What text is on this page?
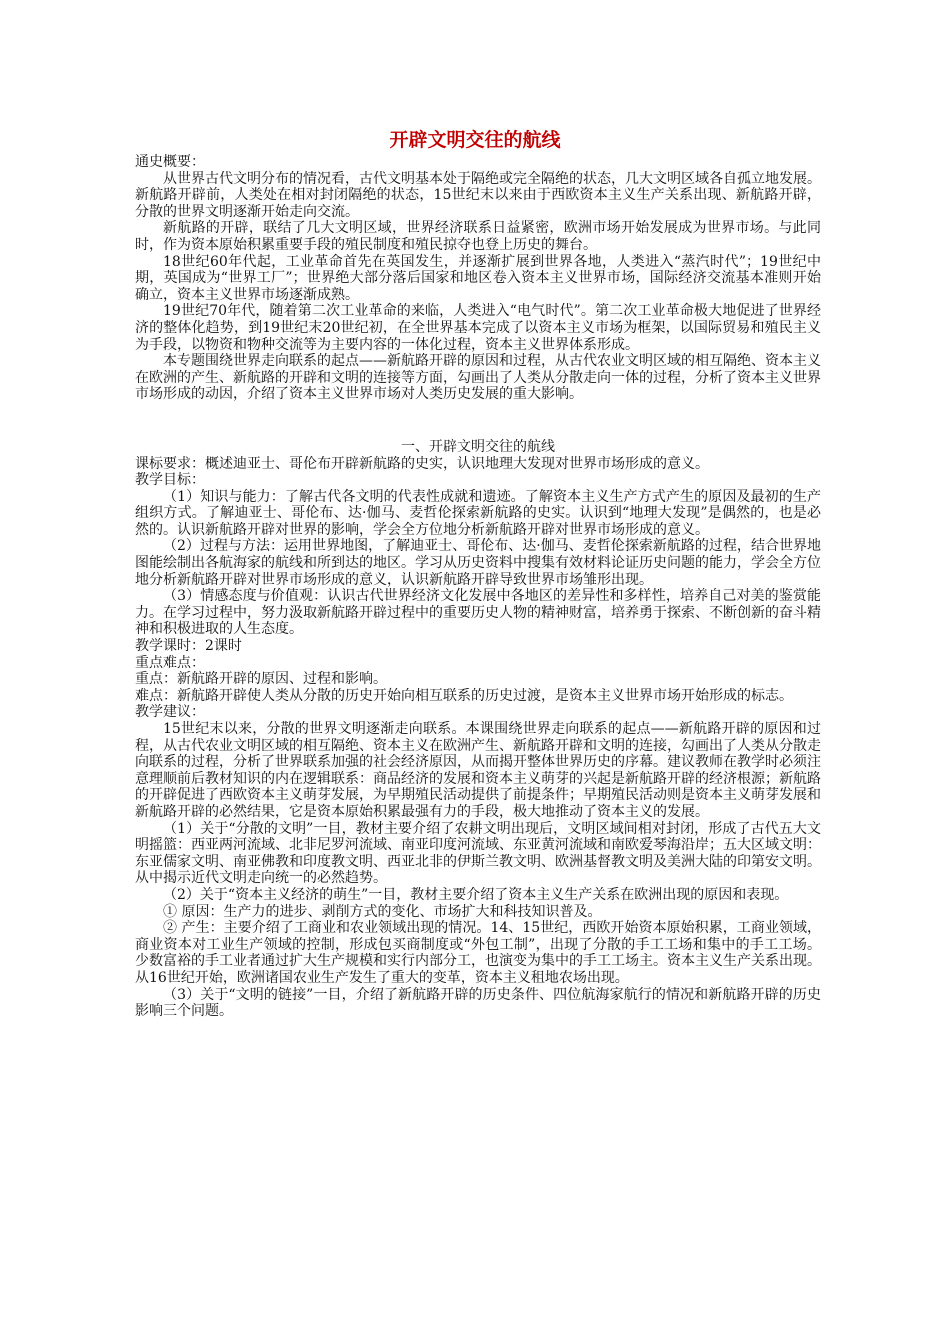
开辟文明交往的航线

通史概要：

从世界古代文明分布的情况看，古代文明基本处于隔绝或完全隔绝的状态，几大文明区域各自孤立地发展。新航路开辟前，人类处在相对封闭隔绝的状态，15世纪末以来由于西欧资本主义生产关系出现、新航路开辟，分散的世界文明逐渐开始走向交流。

新航路的开辟，联结了几大文明区域，世界经济联系日益紧密，欧洲市场开始发展成为世界市场。与此同时，作为资本原始积累重要手段的殖民制度和殖民掠夺也登上历史的舞台。

18世纪60年代起，工业革命首先在英国发生，并逐渐扩展到世界各地，人类进入“蒸汽时代”；19世纪中期，英国成为“世界工厂”；世界绝大部分落后国家和地区卷入资本主义世界市场，国际经济交流基本准则开始确立，资本主义世界市场逐渐成熟。

19世纪70年代，随着第二次工业革命的来临，人类进入“电气时代”。第二次工业革命极大地促进了世界经济的整体化趋势，到19世纪末20世纪初，在全世界基本完成了以资本主义市场为框架，以国际贸易和殖民主义为手段，以物资和物种交流等为主要内容的一体化过程，资本主义世界体系形成。

本专题围绕世界走向联系的起点——新航路开辟的原因和过程，从古代农业文明区域的相互隔绝、资本主义在欧洲的产生、新航路的开辟和文明的连接等方面，勾画出了人类从分散走向一体的过程，分析了资本主义世界市场形成的动因，介绍了资本主义世界市场对人类历史发展的重大影响。

一、开辟文明交往的航线

课标要求：概述迪亚士、哥伦布开辟新航路的史实，认识地理大发现对世界市场形成的意义。

教学目标：

（1）知识与能力：了解古代各文明的代表性成就和遗迹。了解资本主义生产方式产生的原因及最初的生产组织方式。了解迪亚士、哥伦布、达·伽马、麦哲伦探索新航路的史实。认识到“地理大发现”是偶然的，也是必然的。认识新航路开辟对世界的影响，学会全方位地分析新航路开辟对世界市场形成的意义。

（2）过程与方法：运用世界地图，了解迪亚士、哥伦布、达·伽马、麦哲伦探索新航路的过程，结合世界地图能绘制出各航海家的航线和所到达的地区。学习从历史资料中搜集有效材料论证历史问题的能力，学会全方位地分析新航路开辟对世界市场形成的意义，认识新航路开辟导致世界市场雏形出现。

（3）情感态度与价值观：认识古代世界经济文化发展中各地区的差异性和多样性，培养自己对美的鉴赏能力。在学习过程中，努力汲取新航路开辟过程中的重要历史人物的精神财富，培养勇于探索、不断创新的奋斗精神和积极进取的人生态度。

教学课时：2课时

重点难点：

重点：新航路开辟的原因、过程和影响。

难点：新航路开辟使人类从分散的历史开始向相互联系的历史过渡，是资本主义世界市场开始形成的标志。

教学建议：

15世纪末以来，分散的世界文明逐渐走向联系。本课围绕世界走向联系的起点——新航路开辟的原因和过程，从古代农业文明区域的相互隔绝、资本主义在欧洲产生、新航路开辟和文明的连接，勾画出了人类从分散走向联系的过程，分析了世界联系加强的社会经济原因，从而揭开整体世界历史的序幕。建议教师在教学时必须注意理顺前后教材知识的内在逻辑联系：商品经济的发展和资本主义萌芽的兴起是新航路开辟的经济根源；新航路的开辟促进了西欧资本主义萌芽发展，为早期殖民活动提供了前提条件；早期殖民活动则是资本主义萌芽发展和新航路开辟的必然结果，它是资本原始积累最强有力的手段，极大地推动了资本主义的发展。

（1）关于“分散的文明”一目，教材主要介绍了农耕文明出现后，文明区域间相对封闭，形成了古代五大文明摇篮：西亚两河流域、北非尼罗河流域、南亚印度河流域、东亚黄河流域和南欧爱琴海沿岸；五大区域文明：东亚儒家文明、南亚佛教和印度教文明、西亚北非的伊斯兰教文明、欧洲基督教文明及美洲大陆的印第安文明。从中揭示近代文明走向统一的必然趋势。

（2）关于“资本主义经济的萌生”一目，教材主要介绍了资本主义生产关系在欧洲出现的原因和表现。

① 原因：生产力的进步、剥削方式的变化、市场扩大和科技知识普及。

② 产生：主要介绍了工商业和农业领域出现的情况。14、15世纪，西欧开始资本原始积累，工商业领域，商业资本对工业生产领域的控制，形成包买商制度或“外包工制”，出现了分散的手工工场和集中的手工工场。少数富裕的手工业者通过扩大生产规模和实行内部分工，也演变为集中的手工工场主。资本主义生产关系出现。从16世纪开始，欧洲诸国农业生产发生了重大的变革，资本主义租地农场出现。

（3）关于“文明的链接”一目，介绍了新航路开辟的历史条件、四位航海家航行的情况和新航路开辟的历史影响三个问题。
